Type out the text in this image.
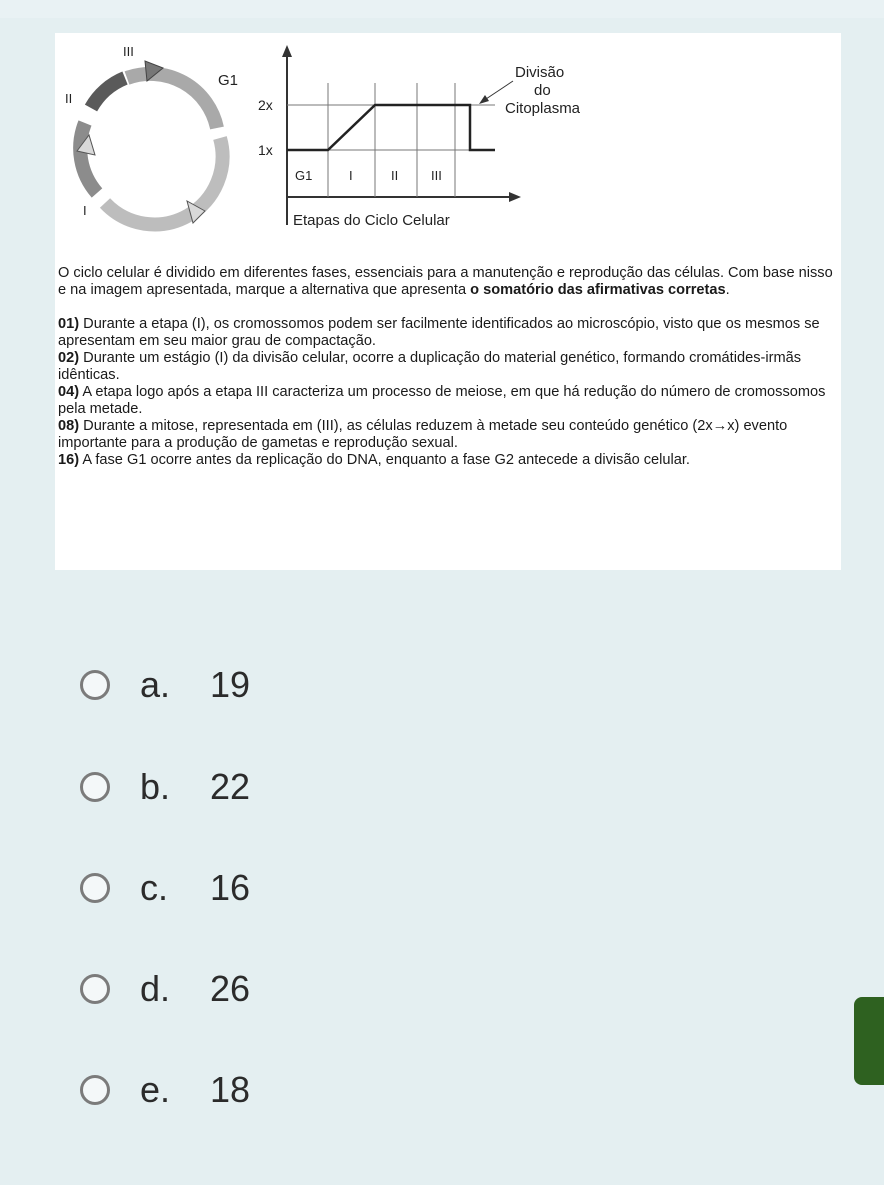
III
G1
II
I
2x
1x
G1	I	II	III
Etapas do Ciclo Celular
Divisão
do
Citoplasma

O ciclo celular é dividido em diferentes fases, essenciais para a manutenção e reprodução das células. Com base nisso e na imagem apresentada, marque a alternativa que apresenta o somatório das afirmativas corretas.

01) Durante a etapa (I), os cromossomos podem ser facilmente identificados ao microscópio, visto que os mesmos se apresentam em seu maior grau de compactação.

02) Durante um estágio (I) da divisão celular, ocorre a duplicação do material genético, formando cromátides-irmãs idênticas.

04) A etapa logo após a etapa III caracteriza um processo de meiose, em que há redução do número de cromossomos pela metade.

08) Durante a mitose, representada em (III), as células reduzem à metade seu conteúdo genético (2x→x) evento importante para a produção de gametas e reprodução sexual.

16) A fase G1 ocorre antes da replicação do DNA, enquanto a fase G2 antecede a divisão celular.

a.	19
b.	22
c.	16
d.	26
e.	18
